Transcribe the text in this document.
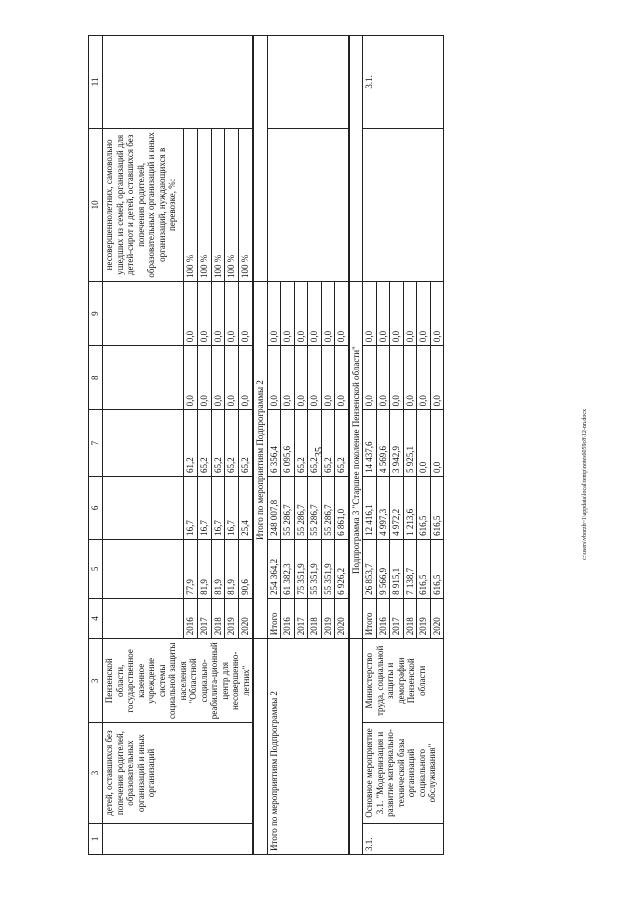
35	c:\users\vborzh~1\appdata\local\temp\notes6059c8\12-nn.docx
1	3	3	4	5	6	7	8	9	10	11
	детей, оставшихся без попечения родителей, образовательных организаций и иных организаций	Пензенской области, государственное казенное учреждение системы социальной защиты населения "Областной социально-реабилита-ционный центр для несовершенно-летних"							несовершеннолетних, самовольно ушедших из семей, организаций для детей-сирот и детей, оставшихся без попечения родителей, образовательных организаций и иных организаций, нуждающихся в перевозке, %:	
			2016	77,9	16,7	61,2	0,0	0,0	100 %	
			2017	81,9	16,7	65,2	0,0	0,0	100 %	
			2018	81,9	16,7	65,2	0,0	0,0	100 %	
			2019	81,9	16,7	65,2	0,0	0,0	100 %	
			2020	90,6	25,4	65,2	0,0	0,0	100 %	
			Итого по мероприятиям Подпрограммы 2							
Итого по мероприятиям Подпрограммы 2			Итого	254 364,2	248 007,8	6 356,4	0,0	0,0		
			2016	61 382,3	55 286,7	6 095,6	0,0	0,0		
			2017	75 351,9	55 286,7	65,2	0,0	0,0		
			2018	55 351,9	55 286,7	65,2	0,0	0,0		
			2019	55 351,9	55 286,7	65,2	0,0	0,0		
			2020	6 926,2	6 861,0	65,2	0,0	0,0		
			Подпрограмма 3 "Старшее поколение Пензенской области"							
3.1.	Основное мероприятие 3.1. "Модернизация и развитие материально-технической базы организаций социального обслуживания"	Министерство труда, социальной защиты и демографии Пензенской области	Итого	26 853,7	12 416,1	14 437,6	0,0	0,0		3.1.
			2016	9 566,9	4 997,3	4 569,6	0,0	0,0		
			2017	8 915,1	4 972,2	3 942,9	0,0	0,0		
			2018	7 138,7	1 213,6	5 925,1	0,0	0,0		
			2019	616,5	616,5	0,0	0,0	0,0		
			2020	616,5	616,5	0,0	0,0	0,0		
